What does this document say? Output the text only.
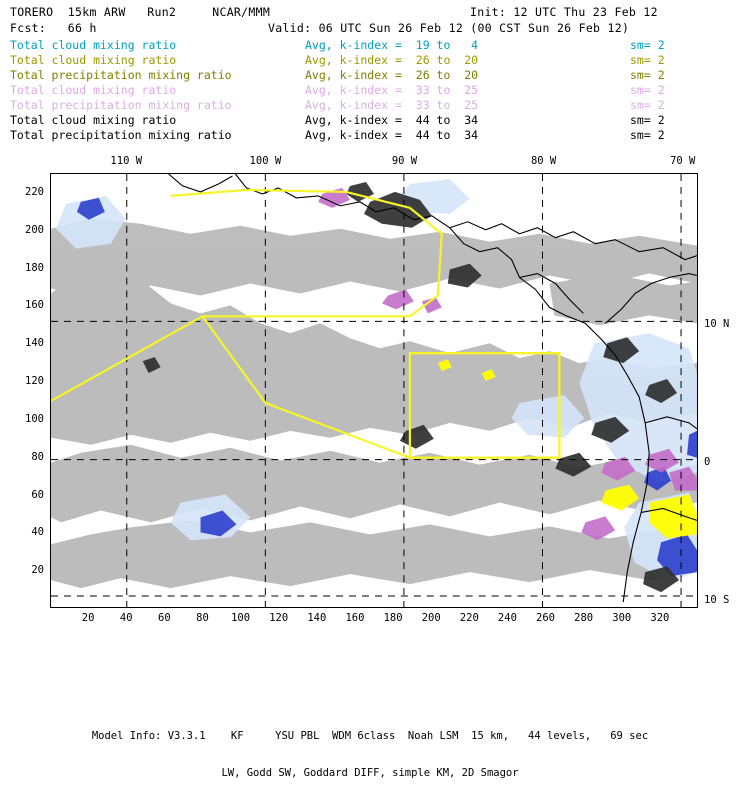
TORERO  15km ARW   Run2     NCAR/MMM	Init: 12 UTC Thu 23 Feb 12
Fcst:   66 h	Valid: 06 UTC Sun 26 Feb 12 (00 CST Sun 26 Feb 12)
Total cloud mixing ratio	Avg, k-index =  19 to   4	sm= 2
Total cloud mixing ratio	Avg, k-index =  26 to  20	sm= 2
Total precipitation mixing ratio	Avg, k-index =  26 to  20	sm= 2
Total cloud mixing ratio	Avg, k-index =  33 to  25	sm= 2
Total precipitation mixing ratio	Avg, k-index =  33 to  25	sm= 2
Total cloud mixing ratio	Avg, k-index =  44 to  34	sm= 2
Total precipitation mixing ratio	Avg, k-index =  44 to  34	sm= 2
20
40
60
80
100
120
140
160
180
200
220
20	40	60	80	100	120	140	160	180	200	220	240	260	280	300	320
110 W	100 W	90 W	80 W	70 W
10 N
0
10 S

Model Info: V3.3.1    KF     YSU PBL  WDM 6class  Noah LSM  15 km,   44 levels,   69 sec

LW, Godd SW, Goddard DIFF, simple KM, 2D Smagor
